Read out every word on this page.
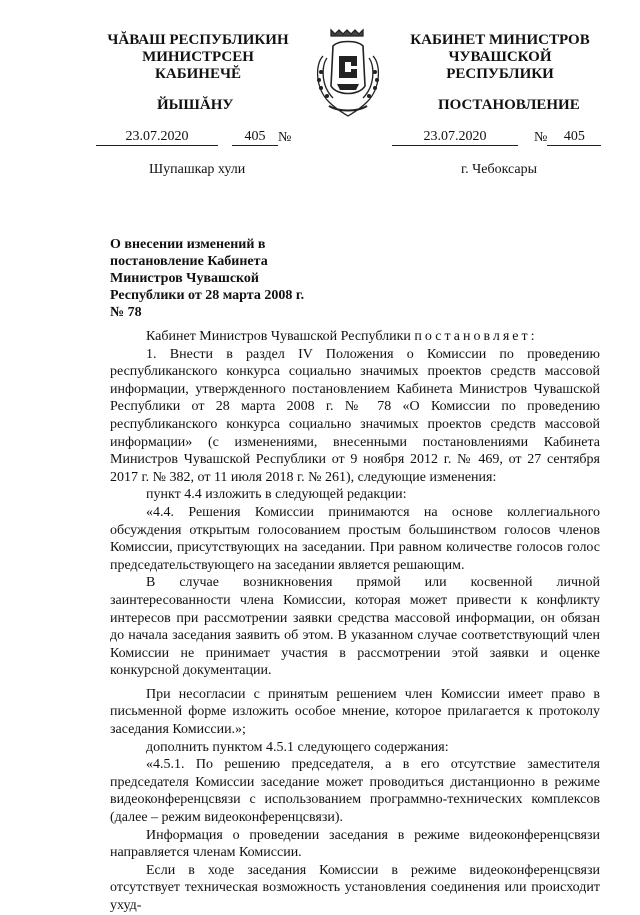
ЧĂВАШ РЕСПУБЛИКИН
МИНИСТРСЕН КАБИНЕЧĔ
КАБИНЕТ МИНИСТРОВ
ЧУВАШСКОЙ РЕСПУБЛИКИ
ЙЫШĂНУ	ПОСТАНОВЛЕНИЕ
23.07.2020	405 №	23.07.2020	№	405
Шупашкар хули	г. Чебоксары
О внесении изменений в постановление Кабинета Министров Чувашской Республики от 28 марта 2008 г. № 78

Кабинет Министров Чувашской Республики постановляет:

1. Внести в раздел IV Положения о Комиссии по проведению республиканского конкурса социально значимых проектов средств массовой информации, утвержденного постановлением Кабинета Министров Чувашской Республики от 28 марта 2008 г. № 78 «О Комиссии по проведению республиканского конкурса социально значимых проектов средств массовой информации» (с изменениями, внесенными постановлениями Кабинета Министров Чувашской Республики от 9 ноября 2012 г. № 469, от 27 сентября 2017 г. № 382, от 11 июля 2018 г. № 261), следующие изменения:

пункт 4.4 изложить в следующей редакции:

«4.4. Решения Комиссии принимаются на основе коллегиального обсуждения открытым голосованием простым большинством голосов членов Комиссии, присутствующих на заседании. При равном количестве голосов голос председательствующего на заседании является решающим.

В случае возникновения прямой или косвенной личной заинтересованности члена Комиссии, которая может привести к конфликту интересов при рассмотрении заявки средства массовой информации, он обязан до начала заседания заявить об этом. В указанном случае соответствующий член Комиссии не принимает участия в рассмотрении этой заявки и оценке конкурсной документации.

При несогласии с принятым решением член Комиссии имеет право в письменной форме изложить особое мнение, которое прилагается к протоколу заседания Комиссии.»;

дополнить пунктом 4.5.1 следующего содержания:

«4.5.1. По решению председателя, а в его отсутствие заместителя председателя Комиссии заседание может проводиться дистанционно в режиме видеоконференцсвязи с использованием программно-технических комплексов (далее – режим видеоконференцсвязи).

Информация о проведении заседания в режиме видеоконференцсвязи направляется членам Комиссии.

Если в ходе заседания Комиссии в режиме видеоконференцсвязи отсутствует техническая возможность установления соединения или происходит ухуд-
